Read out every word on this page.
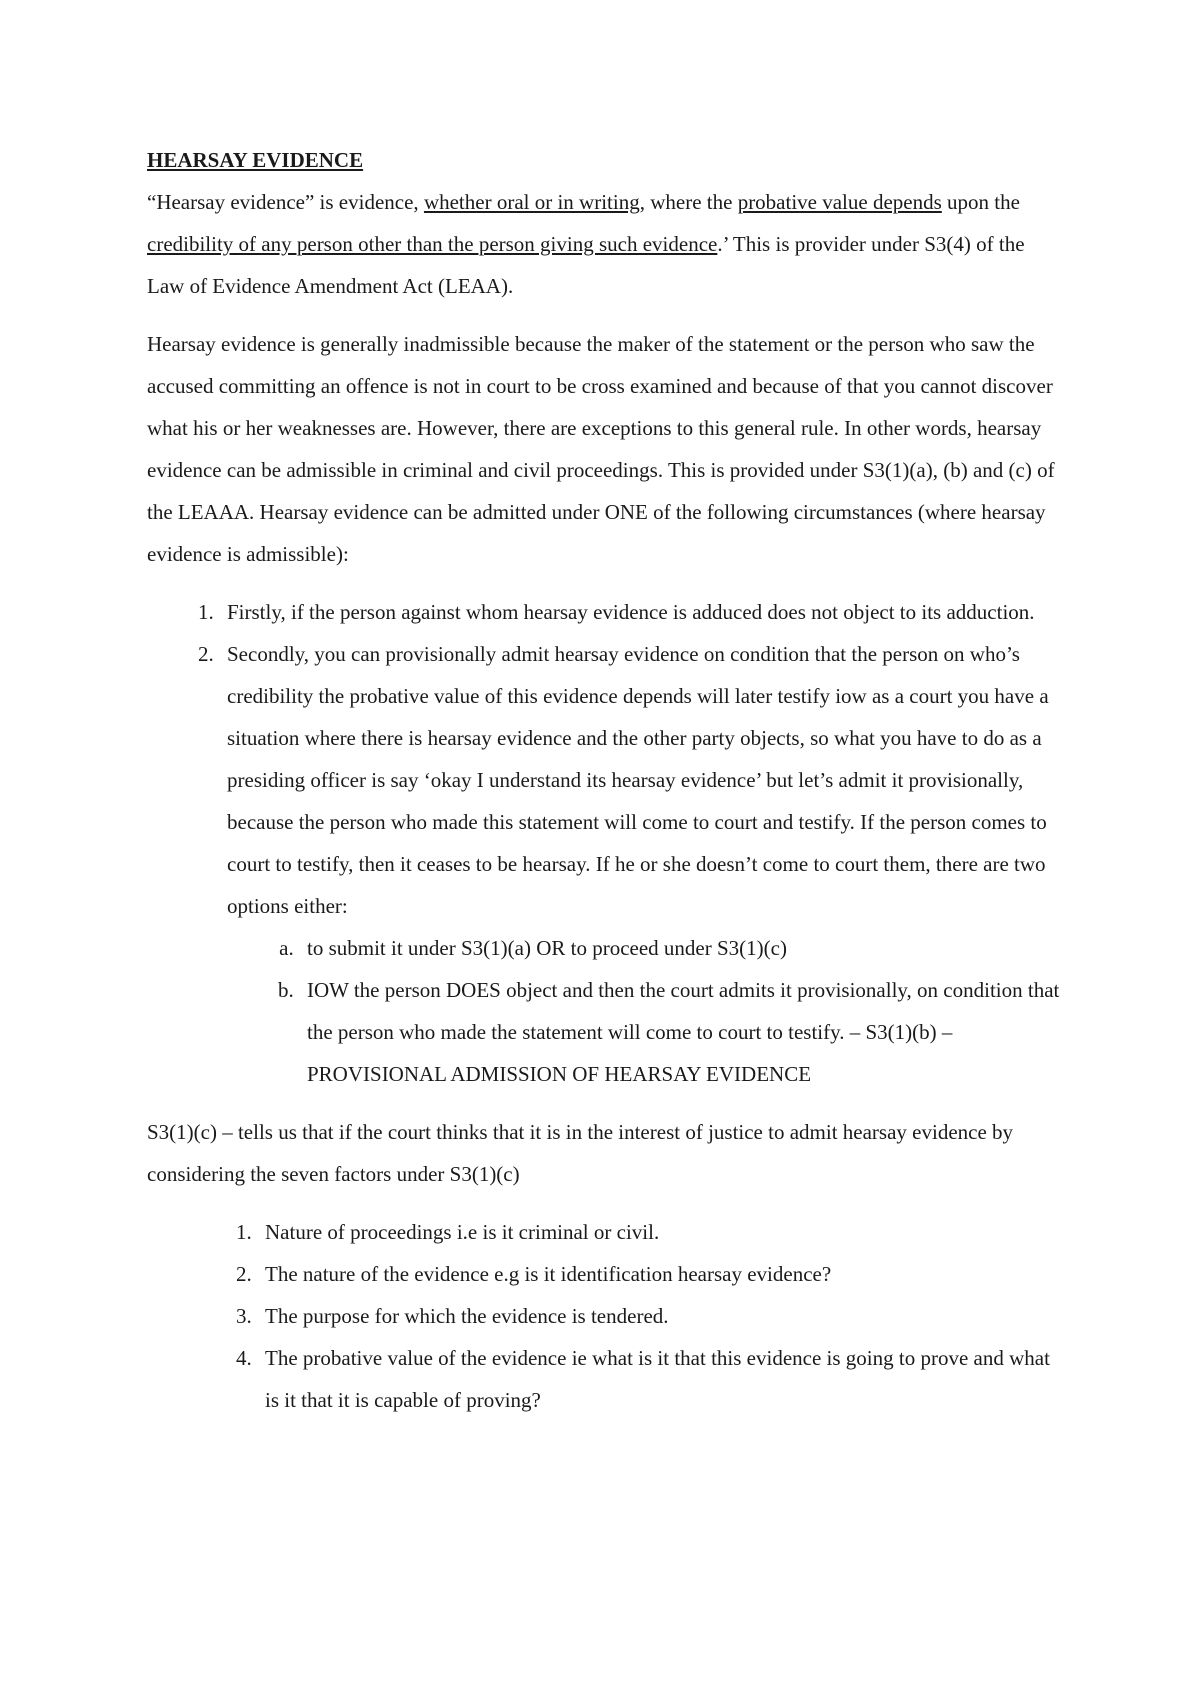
HEARSAY EVIDENCE

“Hearsay evidence” is evidence, whether oral or in writing, where the probative value depends upon the credibility of any person other than the person giving such evidence.’ This is provider under S3(4) of the Law of Evidence Amendment Act (LEAA).

Hearsay evidence is generally inadmissible because the maker of the statement or the person who saw the accused committing an offence is not in court to be cross examined and because of that you cannot discover what his or her weaknesses are. However, there are exceptions to this general rule. In other words, hearsay evidence can be admissible in criminal and civil proceedings. This is provided under S3(1)(a), (b) and (c) of the LEAAA. Hearsay evidence can be admitted under ONE of the following circumstances (where hearsay evidence is admissible):

1. Firstly, if the person against whom hearsay evidence is adduced does not object to its adduction.
2. Secondly, you can provisionally admit hearsay evidence on condition that the person on who’s credibility the probative value of this evidence depends will later testify iow as a court you have a situation where there is hearsay evidence and the other party objects, so what you have to do as a presiding officer is say ‘okay I understand its hearsay evidence’ but let’s admit it provisionally, because the person who made this statement will come to court and testify. If the person comes to court to testify, then it ceases to be hearsay. If he or she doesn’t come to court them, there are two options either:
a. to submit it under S3(1)(a) OR to proceed under S3(1)(c)
b. IOW the person DOES object and then the court admits it provisionally, on condition that the person who made the statement will come to court to testify. – S3(1)(b) – PROVISIONAL ADMISSION OF HEARSAY EVIDENCE

S3(1)(c) – tells us that if the court thinks that it is in the interest of justice to admit hearsay evidence by considering the seven factors under S3(1)(c)

1. Nature of proceedings i.e is it criminal or civil.
2. The nature of the evidence e.g is it identification hearsay evidence?
3. The purpose for which the evidence is tendered.
4. The probative value of the evidence ie what is it that this evidence is going to prove and what is it that it is capable of proving?
